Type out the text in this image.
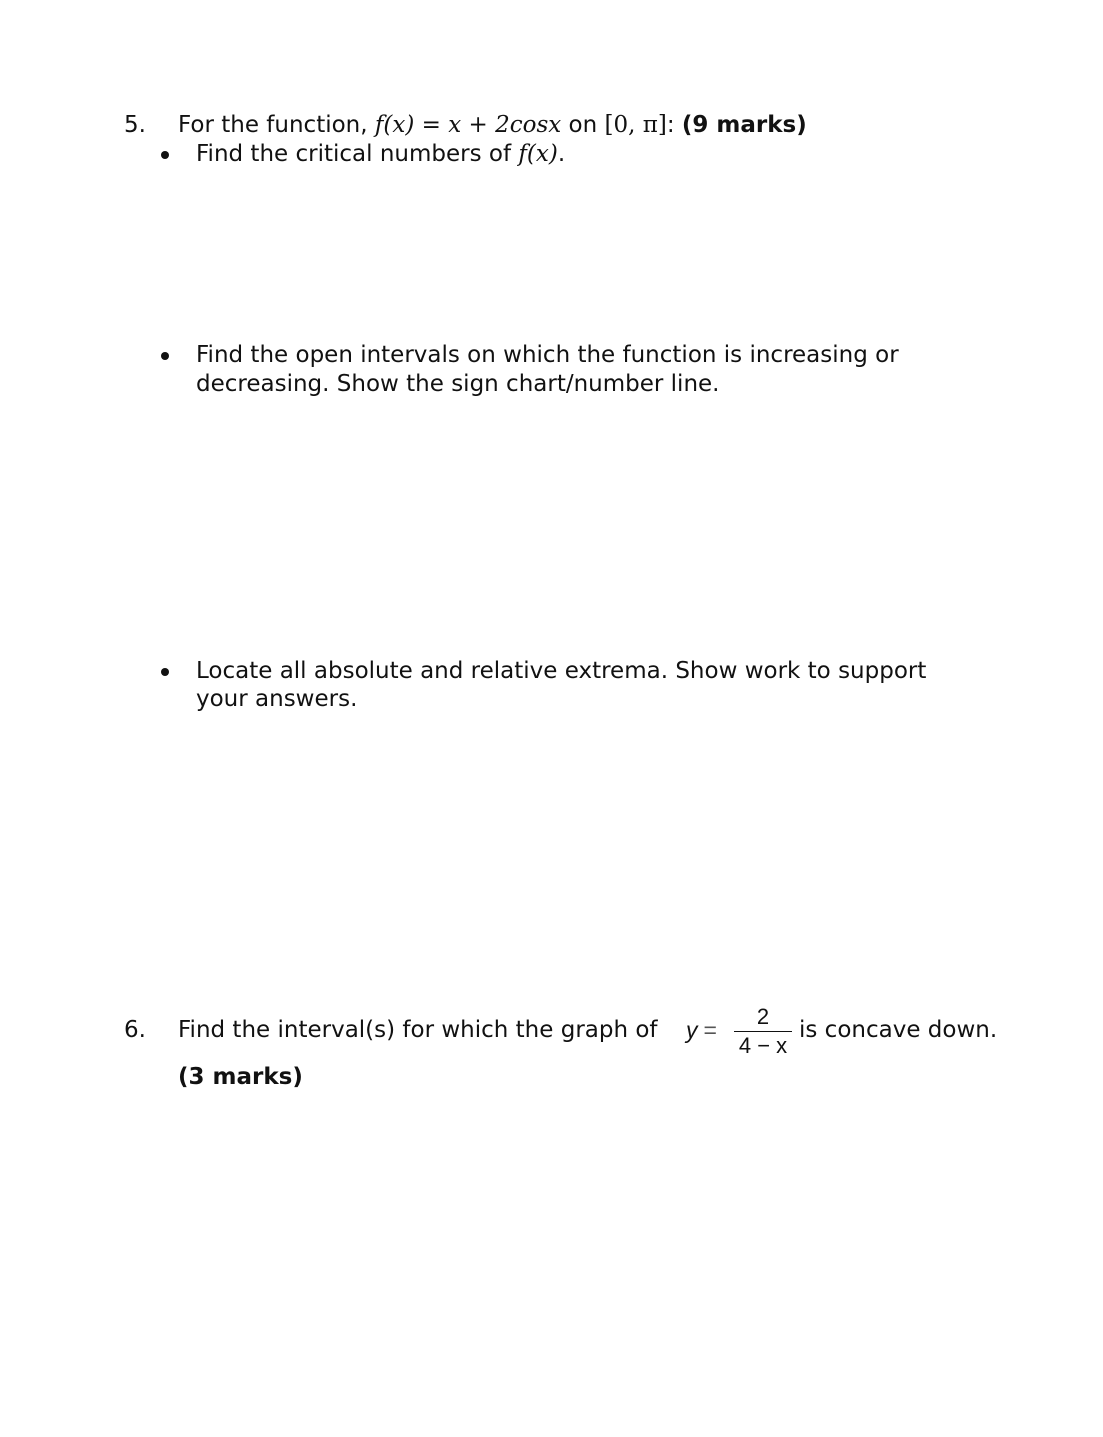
5. For the function, f(x) = x + 2cosx on [0, π]: (9 marks)
Find the critical numbers of f(x).
Find the open intervals on which the function is increasing or
decreasing. Show the sign chart/number line.
Locate all absolute and relative extrema. Show work to support
your answers.
6. Find the interval(s) for which the graph of y =
2
4 − x
is concave down.
(3 marks)
